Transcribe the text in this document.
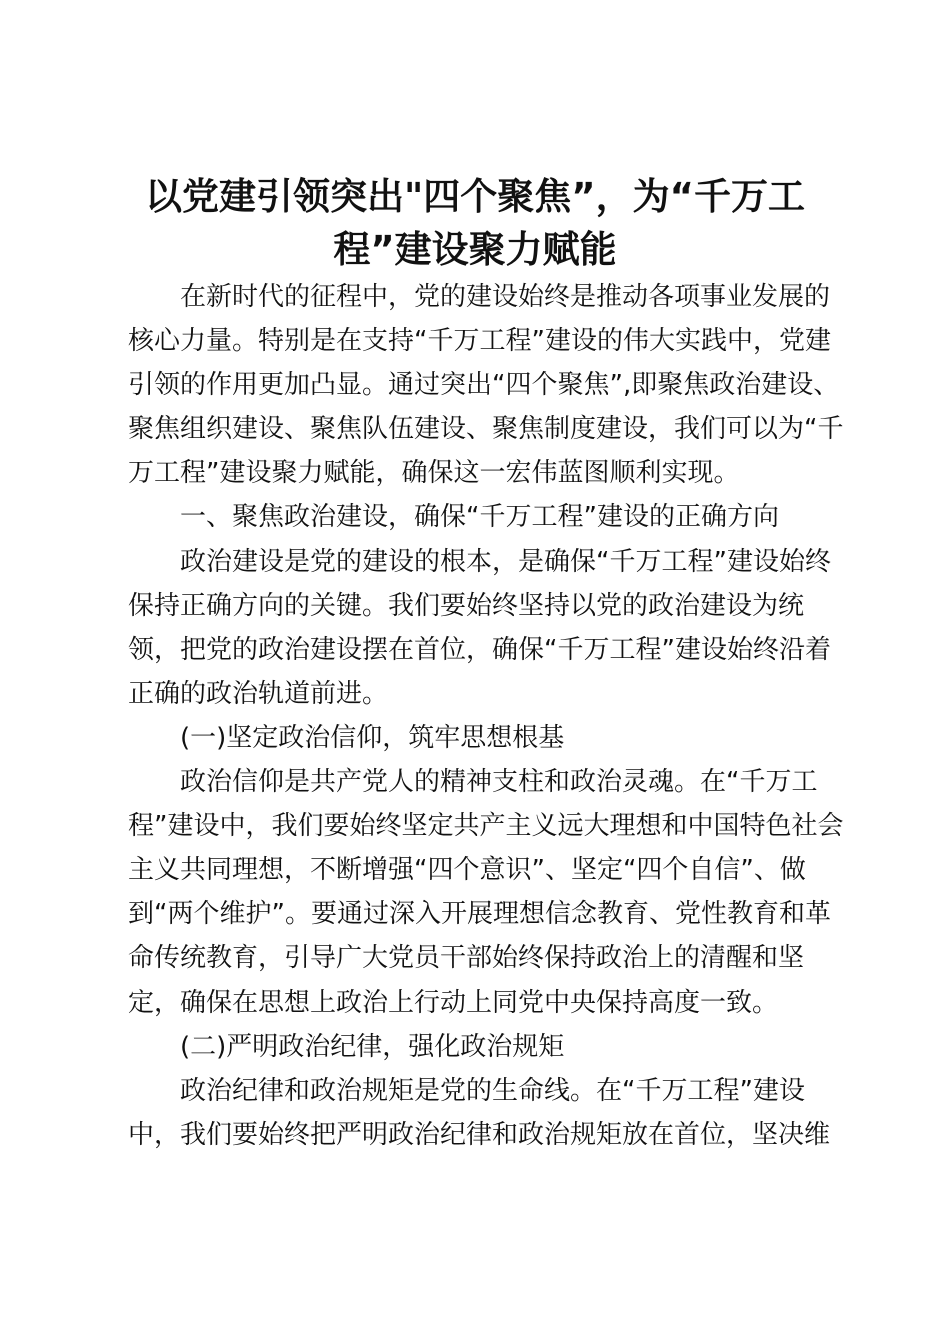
以党建引领突出"四个聚焦”，为“千万工
程”建设聚力赋能

在新时代的征程中，党的建设始终是推动各项事业发展的

核心力量。特别是在支持“千万工程”建设的伟大实践中，党建

引领的作用更加凸显。通过突出“四个聚焦”,即聚焦政治建设、

聚焦组织建设、聚焦队伍建设、聚焦制度建设，我们可以为“千

万工程”建设聚力赋能，确保这一宏伟蓝图顺利实现。

一、聚焦政治建设，确保“千万工程”建设的正确方向

政治建设是党的建设的根本，是确保“千万工程”建设始终

保持正确方向的关键。我们要始终坚持以党的政治建设为统

领，把党的政治建设摆在首位，确保“千万工程”建设始终沿着

正确的政治轨道前进。

(一)坚定政治信仰，筑牢思想根基

政治信仰是共产党人的精神支柱和政治灵魂。在“千万工

程”建设中，我们要始终坚定共产主义远大理想和中国特色社会

主义共同理想，不断增强“四个意识”、坚定“四个自信”、做

到“两个维护”。要通过深入开展理想信念教育、党性教育和革

命传统教育，引导广大党员干部始终保持政治上的清醒和坚

定，确保在思想上政治上行动上同党中央保持高度一致。

(二)严明政治纪律，强化政治规矩

政治纪律和政治规矩是党的生命线。在“千万工程”建设

中，我们要始终把严明政治纪律和政治规矩放在首位，坚决维
